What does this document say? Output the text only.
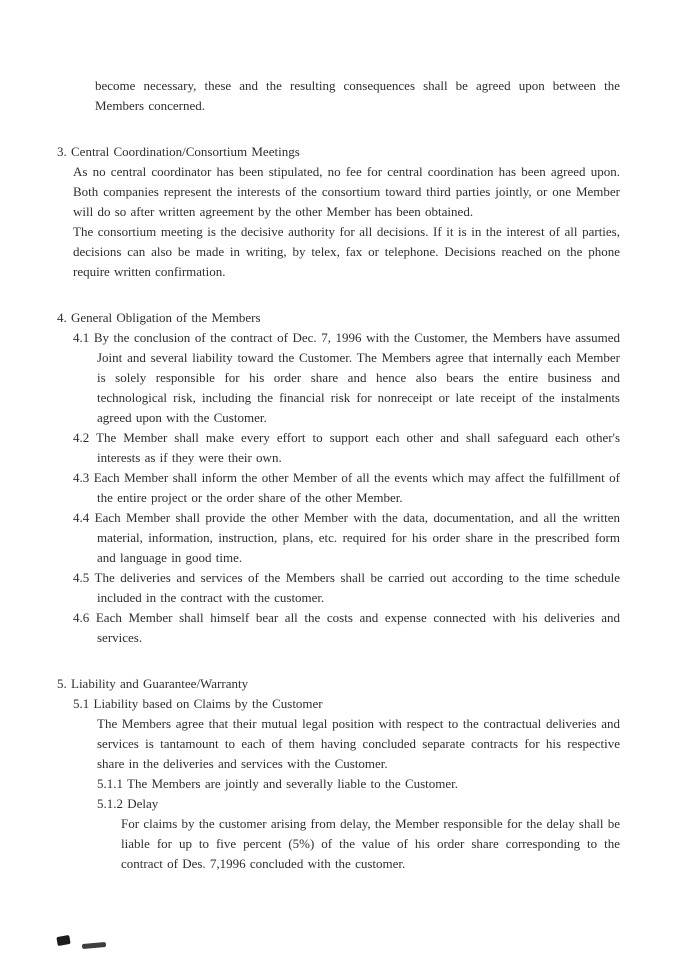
become necessary, these and the resulting consequences shall be agreed upon between the Members concerned.

3. Central Coordination/Consortium Meetings

As no central coordinator has been stipulated, no fee for central coordination has been agreed upon. Both companies represent the interests of the consortium toward third parties jointly, or one Member will do so after written agreement by the other Member has been obtained.

The consortium meeting is the decisive authority for all decisions. If it is in the interest of all parties, decisions can also be made in writing, by telex, fax or telephone. Decisions reached on the phone require written confirmation.

4. General Obligation of the Members

4.1 By the conclusion of the contract of Dec. 7, 1996 with the Customer, the Members have assumed Joint and several liability toward the Customer. The Members agree that internally each Member is solely responsible for his order share and hence also bears the entire business and technological risk, including the financial risk for nonreceipt or late receipt of the instalments agreed upon with the Customer.

4.2 The Member shall make every effort to support each other and shall safeguard each other's interests as if they were their own.

4.3 Each Member shall inform the other Member of all the events which may affect the fulfillment of the entire project or the order share of the other Member.

4.4 Each Member shall provide the other Member with the data, documentation, and all the written material, information, instruction, plans, etc. required for his order share in the prescribed form and language in good time.

4.5 The deliveries and services of the Members shall be carried out according to the time schedule included in the contract with the customer.

4.6 Each Member shall himself bear all the costs and expense connected with his deliveries and services.

5. Liability and Guarantee/Warranty

5.1 Liability based on Claims by the Customer

The Members agree that their mutual legal position with respect to the contractual deliveries and services is tantamount to each of them having concluded separate contracts for his respective share in the deliveries and services with the Customer.

5.1.1 The Members are jointly and severally liable to the Customer.

5.1.2 Delay

For claims by the customer arising from delay, the Member responsible for the delay shall be liable for up to five percent (5%) of the value of his order share corresponding to the contract of Des. 7,1996 concluded with the customer.
